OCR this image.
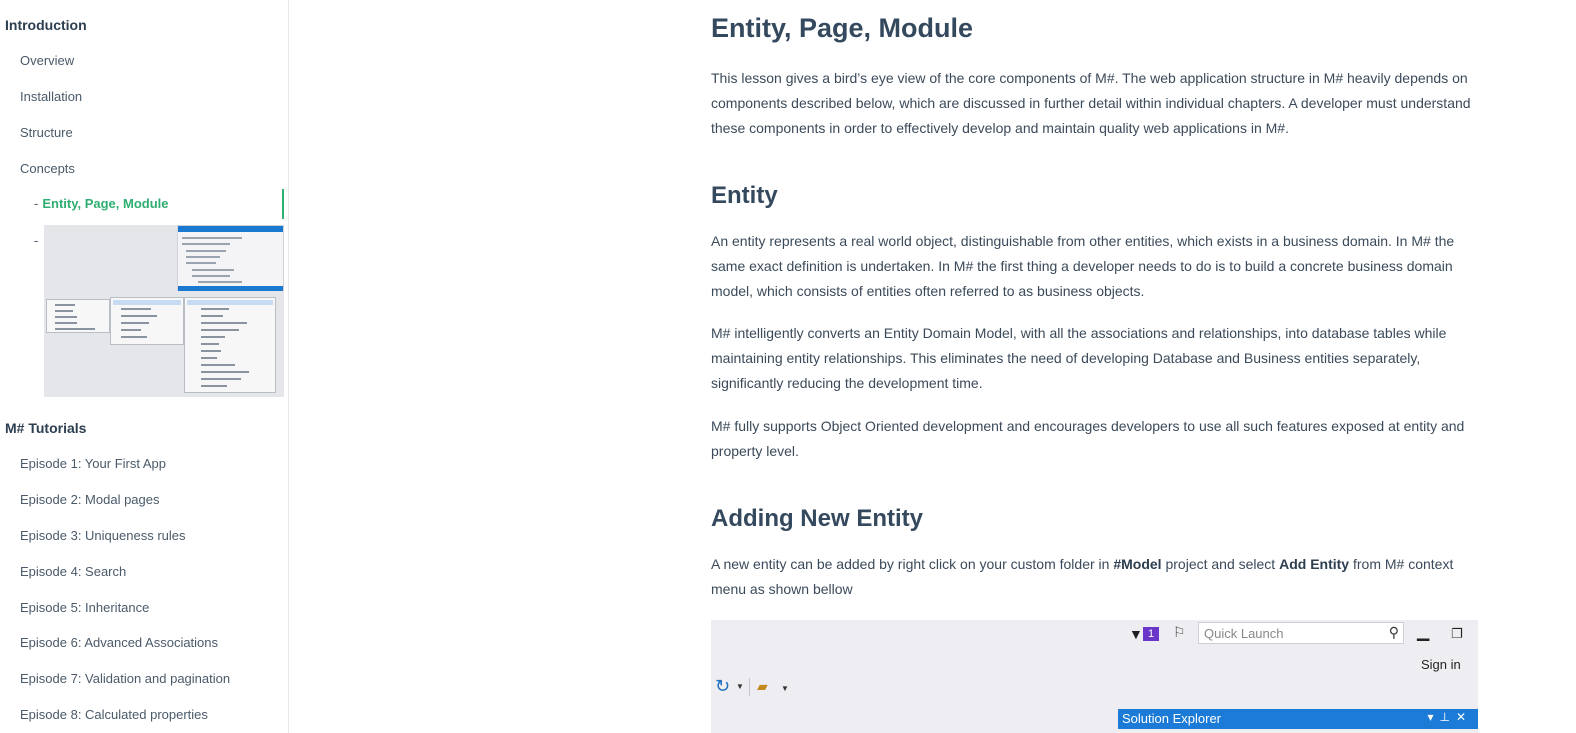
Introduction
Overview
Installation
Structure
Concepts
- Entity, Page, Module
-
M# Tutorials
Episode 1: Your First App
Episode 2: Modal pages
Episode 3: Uniqueness rules
Episode 4: Search
Episode 5: Inheritance
Episode 6: Advanced Associations
Episode 7: Validation and pagination
Episode 8: Calculated properties
Entity, Page, Module

This lesson gives a bird’s eye view of the core components of M#. The web application structure in M# heavily depends on components described below, which are discussed in further detail within individual chapters. A developer must understand these components in order to effectively develop and maintain quality web applications in M#.

Entity

An entity represents a real world object, distinguishable from other entities, which exists in a business domain. In M# the same exact definition is undertaken. In M# the first thing a developer needs to do is to build a concrete business domain model, which consists of entities often referred to as business objects.

M# intelligently converts an Entity Domain Model, with all the associations and relationships, into database tables while maintaining entity relationships. This eliminates the need of developing Database and Business entities separately, significantly reducing the development time.

M# fully supports Object Oriented development and encourages developers to use all such features exposed at entity and property level.

Adding New Entity

A new entity can be added by right click on your custom folder in #Model project and select Add Entity from M# context menu as shown bellow

▼ 1	⚐	Quick Launch	⚲ ▁ ❐
Sign in
↻ ▼ ▰ ▼
Solution Explorer	▾⊥✕
